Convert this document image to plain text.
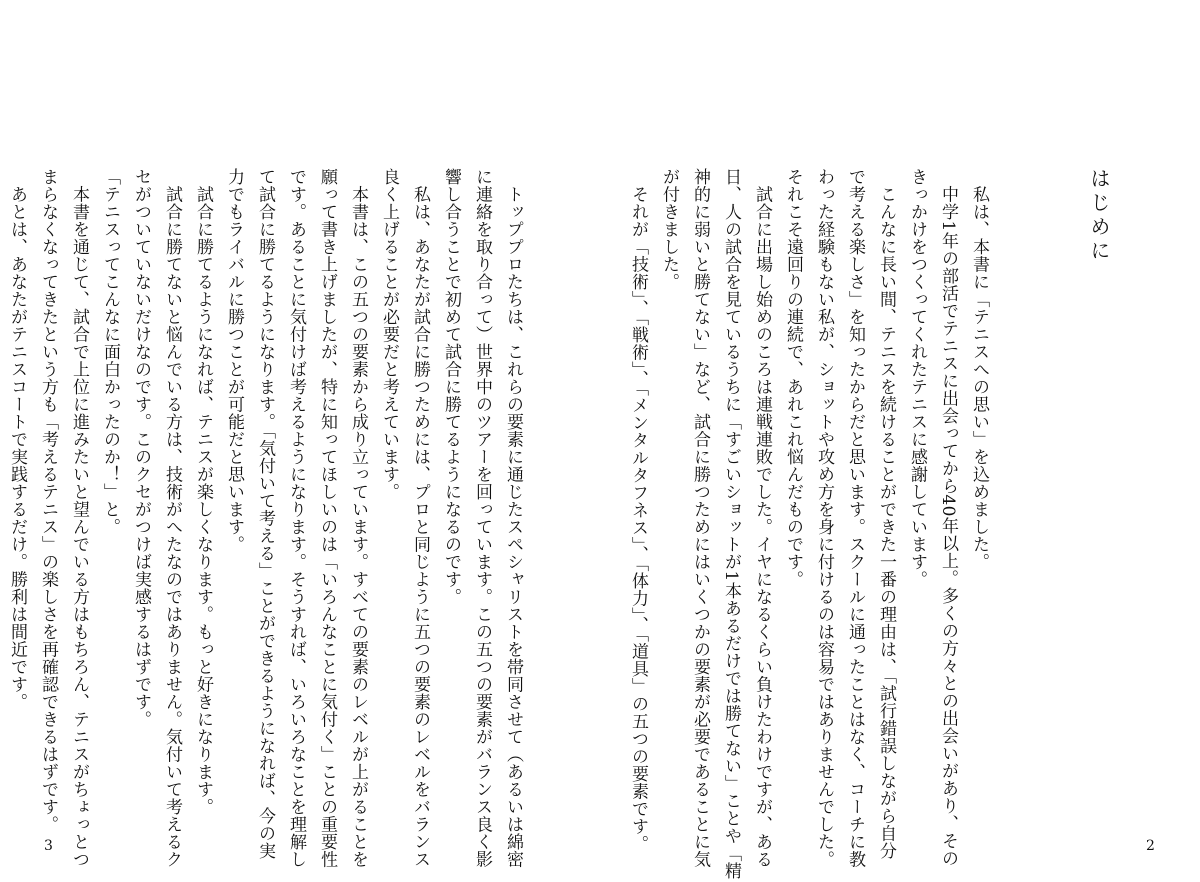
はじめに
　私は、本書に「テニスへの思い」を込めました。
　中学1年の部活でテニスに出会ってから40年以上。多くの方々との出会いがあり、その
きっかけをつくってくれたテニスに感謝しています。
　こんなに長い間、テニスを続けることができた一番の理由は、「試行錯誤しながら自分
で考える楽しさ」を知ったからだと思います。スクールに通ったことはなく、コーチに教
わった経験もない私が、ショットや攻め方を身に付けるのは容易ではありませんでした。
それこそ遠回りの連続で、あれこれ悩んだものです。
　試合に出場し始めのころは連戦連敗でした。イヤになるくらい負けたわけですが、ある
日、人の試合を見ているうちに「すごいショットが1本あるだけでは勝てない」ことや「精
神的に弱いと勝てない」など、試合に勝つためにはいくつかの要素が必要であることに気
が付きました。
　それが「技術」、「戦術」、「メンタルタフネス」、「体力」、「道具」の五つの要素です。	2
　トッププロたちは、これらの要素に通じたスペシャリストを帯同させて（あるいは綿密
に連絡を取り合って）世界中のツアーを回っています。この五つの要素がバランス良く影
響し合うことで初めて試合に勝てるようになるのです。
　私は、あなたが試合に勝つためには、プロと同じように五つの要素のレベルをバランス
良く上げることが必要だと考えています。
　本書は、この五つの要素から成り立っています。すべての要素のレベルが上がることを
願って書き上げましたが、特に知ってほしいのは「いろんなことに気付く」ことの重要性
です。あることに気付けば考えるようになります。そうすれば、いろいろなことを理解し
て試合に勝てるようになります。「気付いて考える」ことができるようになれば、今の実
力でもライバルに勝つことが可能だと思います。
　試合に勝てるようになれば、テニスが楽しくなります。もっと好きになります。
　試合に勝てないと悩んでいる方は、技術がへたなのではありません。気付いて考えるク
セがついていないだけなのです。このクセがつけば実感するはずです。
「テニスってこんなに面白かったのか！」と。
　本書を通じて、試合で上位に進みたいと望んでいる方はもちろん、テニスがちょっとつ
まらなくなってきたという方も「考えるテニス」の楽しさを再確認できるはずです。
　あとは、あなたがテニスコートで実践するだけ。勝利は間近です。
3
